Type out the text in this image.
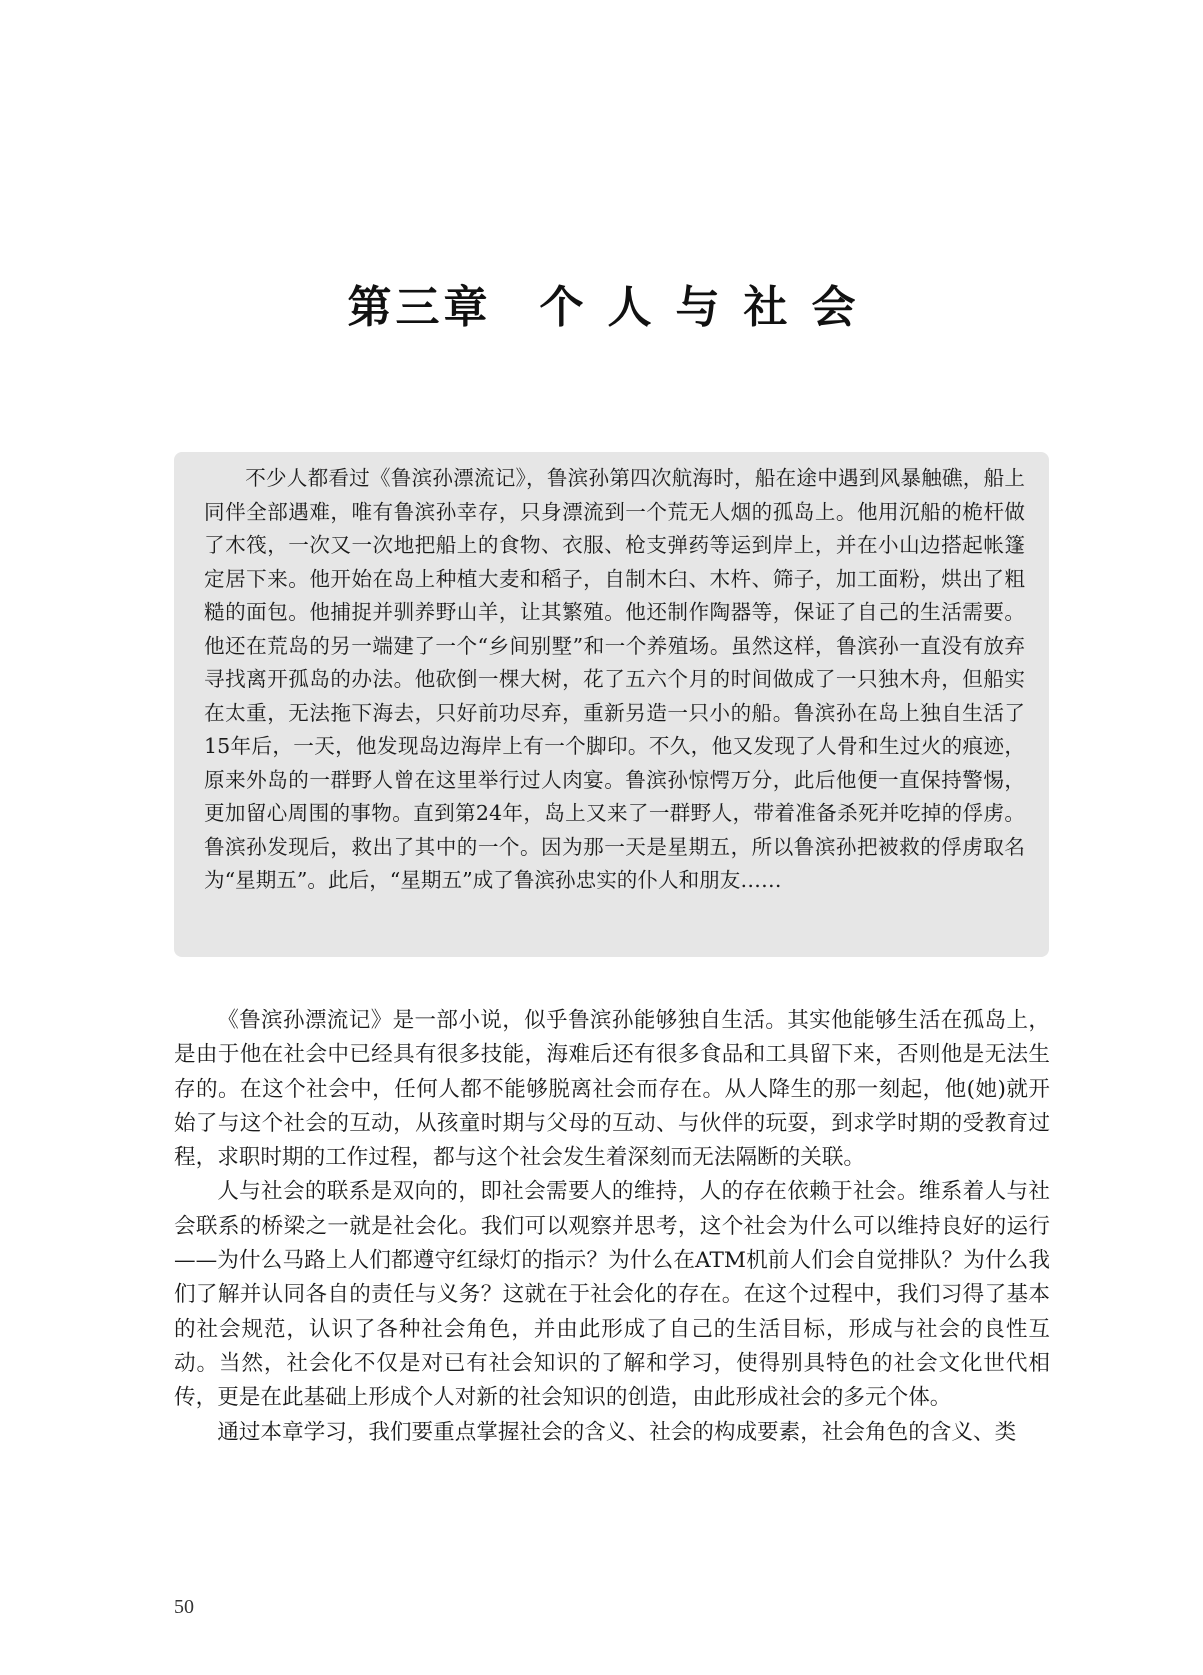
第三章 个人与社会

不少人都看过《鲁滨孙漂流记》，鲁滨孙第四次航海时，船在途中遇到风暴触礁，船上同伴全部遇难，唯有鲁滨孙幸存，只身漂流到一个荒无人烟的孤岛上。他用沉船的桅杆做了木筏，一次又一次地把船上的食物、衣服、枪支弹药等运到岸上，并在小山边搭起帐篷定居下来。他开始在岛上种植大麦和稻子，自制木臼、木杵、筛子，加工面粉，烘出了粗糙的面包。他捕捉并驯养野山羊，让其繁殖。他还制作陶器等，保证了自己的生活需要。他还在荒岛的另一端建了一个“乡间别墅”和一个养殖场。虽然这样，鲁滨孙一直没有放弃寻找离开孤岛的办法。他砍倒一棵大树，花了五六个月的时间做成了一只独木舟，但船实在太重，无法拖下海去，只好前功尽弃，重新另造一只小的船。鲁滨孙在岛上独自生活了15年后，一天，他发现岛边海岸上有一个脚印。不久，他又发现了人骨和生过火的痕迹，原来外岛的一群野人曾在这里举行过人肉宴。鲁滨孙惊愕万分，此后他便一直保持警惕，更加留心周围的事物。直到第24年，岛上又来了一群野人，带着准备杀死并吃掉的俘虏。鲁滨孙发现后，救出了其中的一个。因为那一天是星期五，所以鲁滨孙把被救的俘虏取名为“星期五”。此后，“星期五”成了鲁滨孙忠实的仆人和朋友……

《鲁滨孙漂流记》是一部小说，似乎鲁滨孙能够独自生活。其实他能够生活在孤岛上，是由于他在社会中已经具有很多技能，海难后还有很多食品和工具留下来，否则他是无法生存的。在这个社会中，任何人都不能够脱离社会而存在。从人降生的那一刻起，他(她)就开始了与这个社会的互动，从孩童时期与父母的互动、与伙伴的玩耍，到求学时期的受教育过程，求职时期的工作过程，都与这个社会发生着深刻而无法隔断的关联。

人与社会的联系是双向的，即社会需要人的维持，人的存在依赖于社会。维系着人与社会联系的桥梁之一就是社会化。我们可以观察并思考，这个社会为什么可以维持良好的运行——为什么马路上人们都遵守红绿灯的指示？为什么在ATM机前人们会自觉排队？为什么我们了解并认同各自的责任与义务？这就在于社会化的存在。在这个过程中，我们习得了基本的社会规范，认识了各种社会角色，并由此形成了自己的生活目标，形成与社会的良性互动。当然，社会化不仅是对已有社会知识的了解和学习，使得别具特色的社会文化世代相传，更是在此基础上形成个人对新的社会知识的创造，由此形成社会的多元个体。

通过本章学习，我们要重点掌握社会的含义、社会的构成要素，社会角色的含义、类

50
